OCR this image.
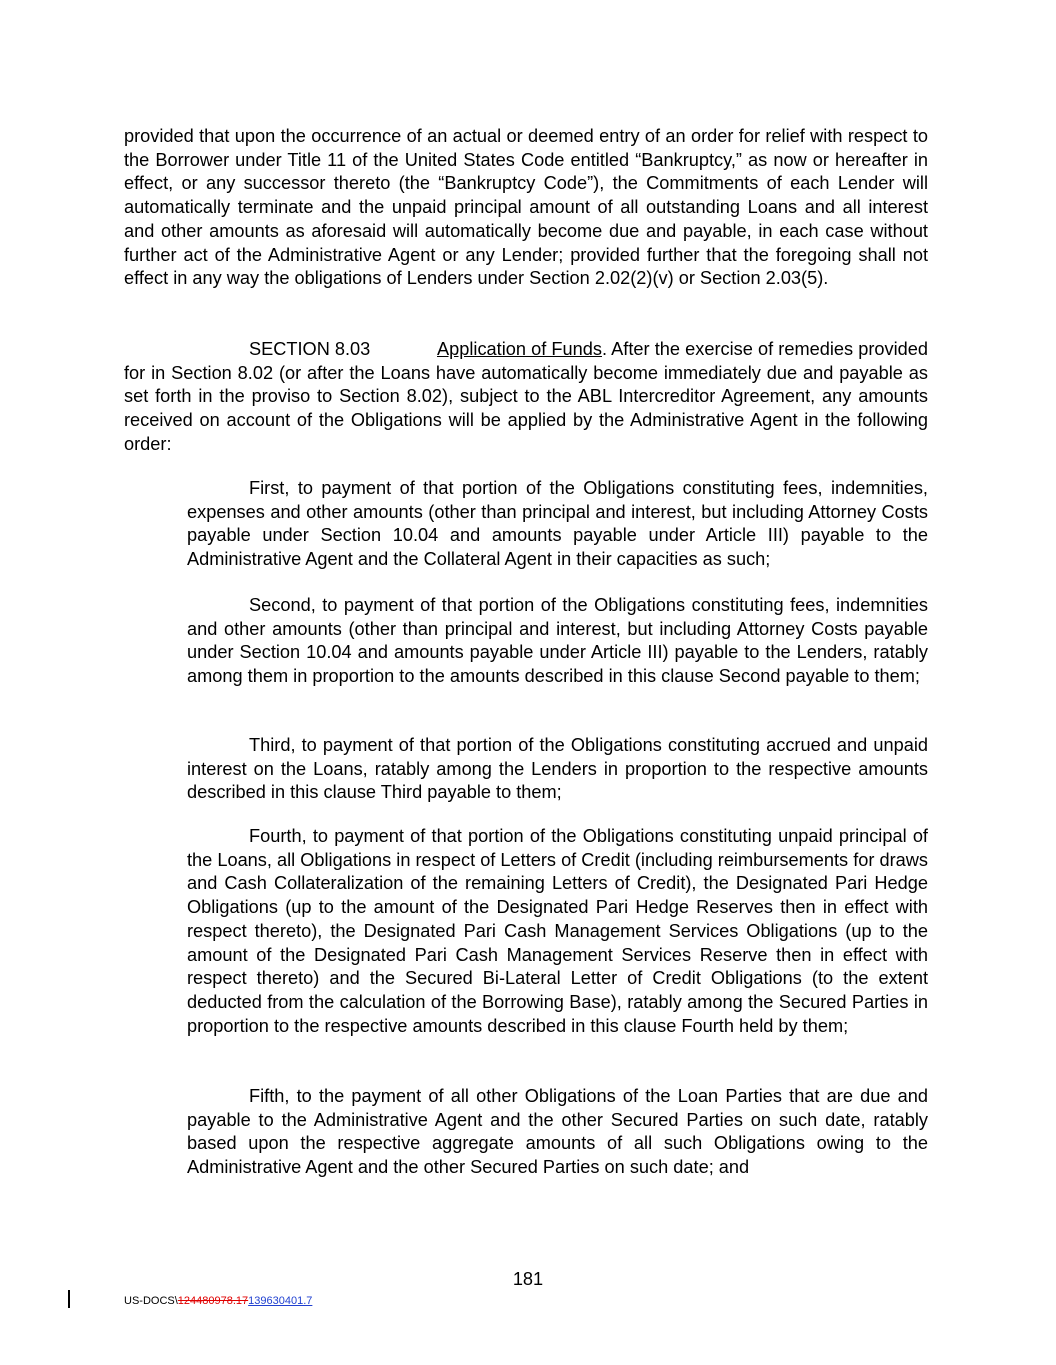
provided that upon the occurrence of an actual or deemed entry of an order for relief with respect to the Borrower under Title 11 of the United States Code entitled “Bankruptcy,” as now or hereafter in effect, or any successor thereto (the “Bankruptcy Code”), the Commitments of each Lender will automatically terminate and the unpaid principal amount of all outstanding Loans and all interest and other amounts as aforesaid will automatically become due and payable, in each case without further act of the Administrative Agent or any Lender; provided further that the foregoing shall not effect in any way the obligations of Lenders under Section 2.02(2)(v) or Section 2.03(5).

SECTION 8.03	Application of Funds. After the exercise of remedies provided for in Section 8.02 (or after the Loans have automatically become immediately due and payable as set forth in the proviso to Section 8.02), subject to the ABL Intercreditor Agreement, any amounts received on account of the Obligations will be applied by the Administrative Agent in the following order:

First, to payment of that portion of the Obligations constituting fees, indemnities, expenses and other amounts (other than principal and interest, but including Attorney Costs payable under Section 10.04 and amounts payable under Article III) payable to the Administrative Agent and the Collateral Agent in their capacities as such;

Second, to payment of that portion of the Obligations constituting fees, indemnities and other amounts (other than principal and interest, but including Attorney Costs payable under Section 10.04 and amounts payable under Article III) payable to the Lenders, ratably among them in proportion to the amounts described in this clause Second payable to them;

Third, to payment of that portion of the Obligations constituting accrued and unpaid interest on the Loans, ratably among the Lenders in proportion to the respective amounts described in this clause Third payable to them;

Fourth, to payment of that portion of the Obligations constituting unpaid principal of the Loans, all Obligations in respect of Letters of Credit (including reimbursements for draws and Cash Collateralization of the remaining Letters of Credit), the Designated Pari Hedge Obligations (up to the amount of the Designated Pari Hedge Reserves then in effect with respect thereto), the Designated Pari Cash Management Services Obligations (up to the amount of the Designated Pari Cash Management Services Reserve then in effect with respect thereto) and the Secured Bi-Lateral Letter of Credit Obligations (to the extent deducted from the calculation of the Borrowing Base), ratably among the Secured Parties in proportion to the respective amounts described in this clause Fourth held by them;

Fifth, to the payment of all other Obligations of the Loan Parties that are due and payable to the Administrative Agent and the other Secured Parties on such date, ratably based upon the respective aggregate amounts of all such Obligations owing to the Administrative Agent and the other Secured Parties on such date; and

181
US-DOCS\124480978.17139630401.7
